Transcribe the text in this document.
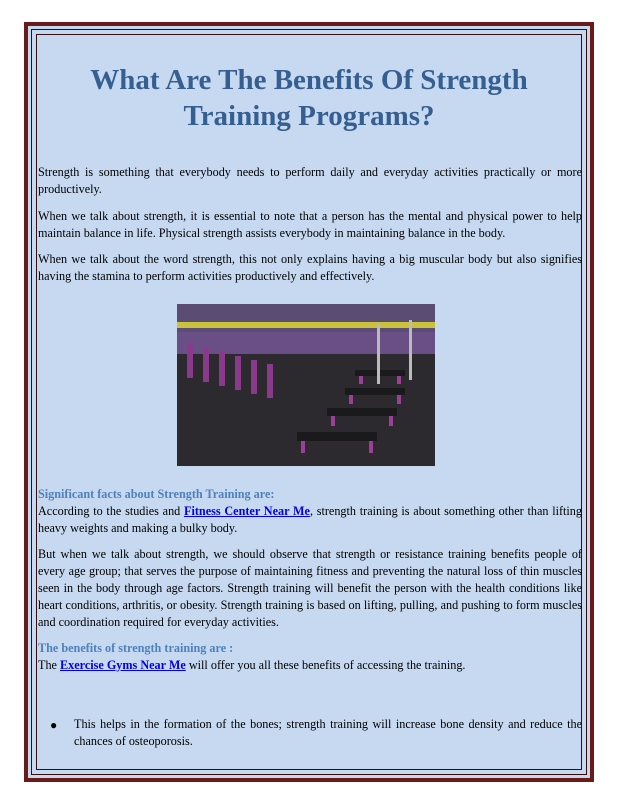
What Are The Benefits Of Strength Training Programs?

Strength is something that everybody needs to perform daily and everyday activities practically or more productively.

When we talk about strength, it is essential to note that a person has the mental and physical power to help maintain balance in life. Physical strength assists everybody in maintaining balance in the body.

When we talk about the word strength, this not only explains having a big muscular body but also signifies having the stamina to perform activities productively and effectively.

Significant facts about Strength Training are:
According to the studies and Fitness Center Near Me, strength training is about something other than lifting heavy weights and making a bulky body.

But when we talk about strength, we should observe that strength or resistance training benefits people of every age group; that serves the purpose of maintaining fitness and preventing the natural loss of thin muscles seen in the body through age factors. Strength training will benefit the person with the health conditions like heart conditions, arthritis, or obesity. Strength training is based on lifting, pulling, and pushing to form muscles and coordination required for everyday activities.

The benefits of strength training are :
The Exercise Gyms Near Me will offer you all these benefits of accessing the training.

●	This helps in the formation of the bones; strength training will increase bone density and reduce the chances of osteoporosis.
